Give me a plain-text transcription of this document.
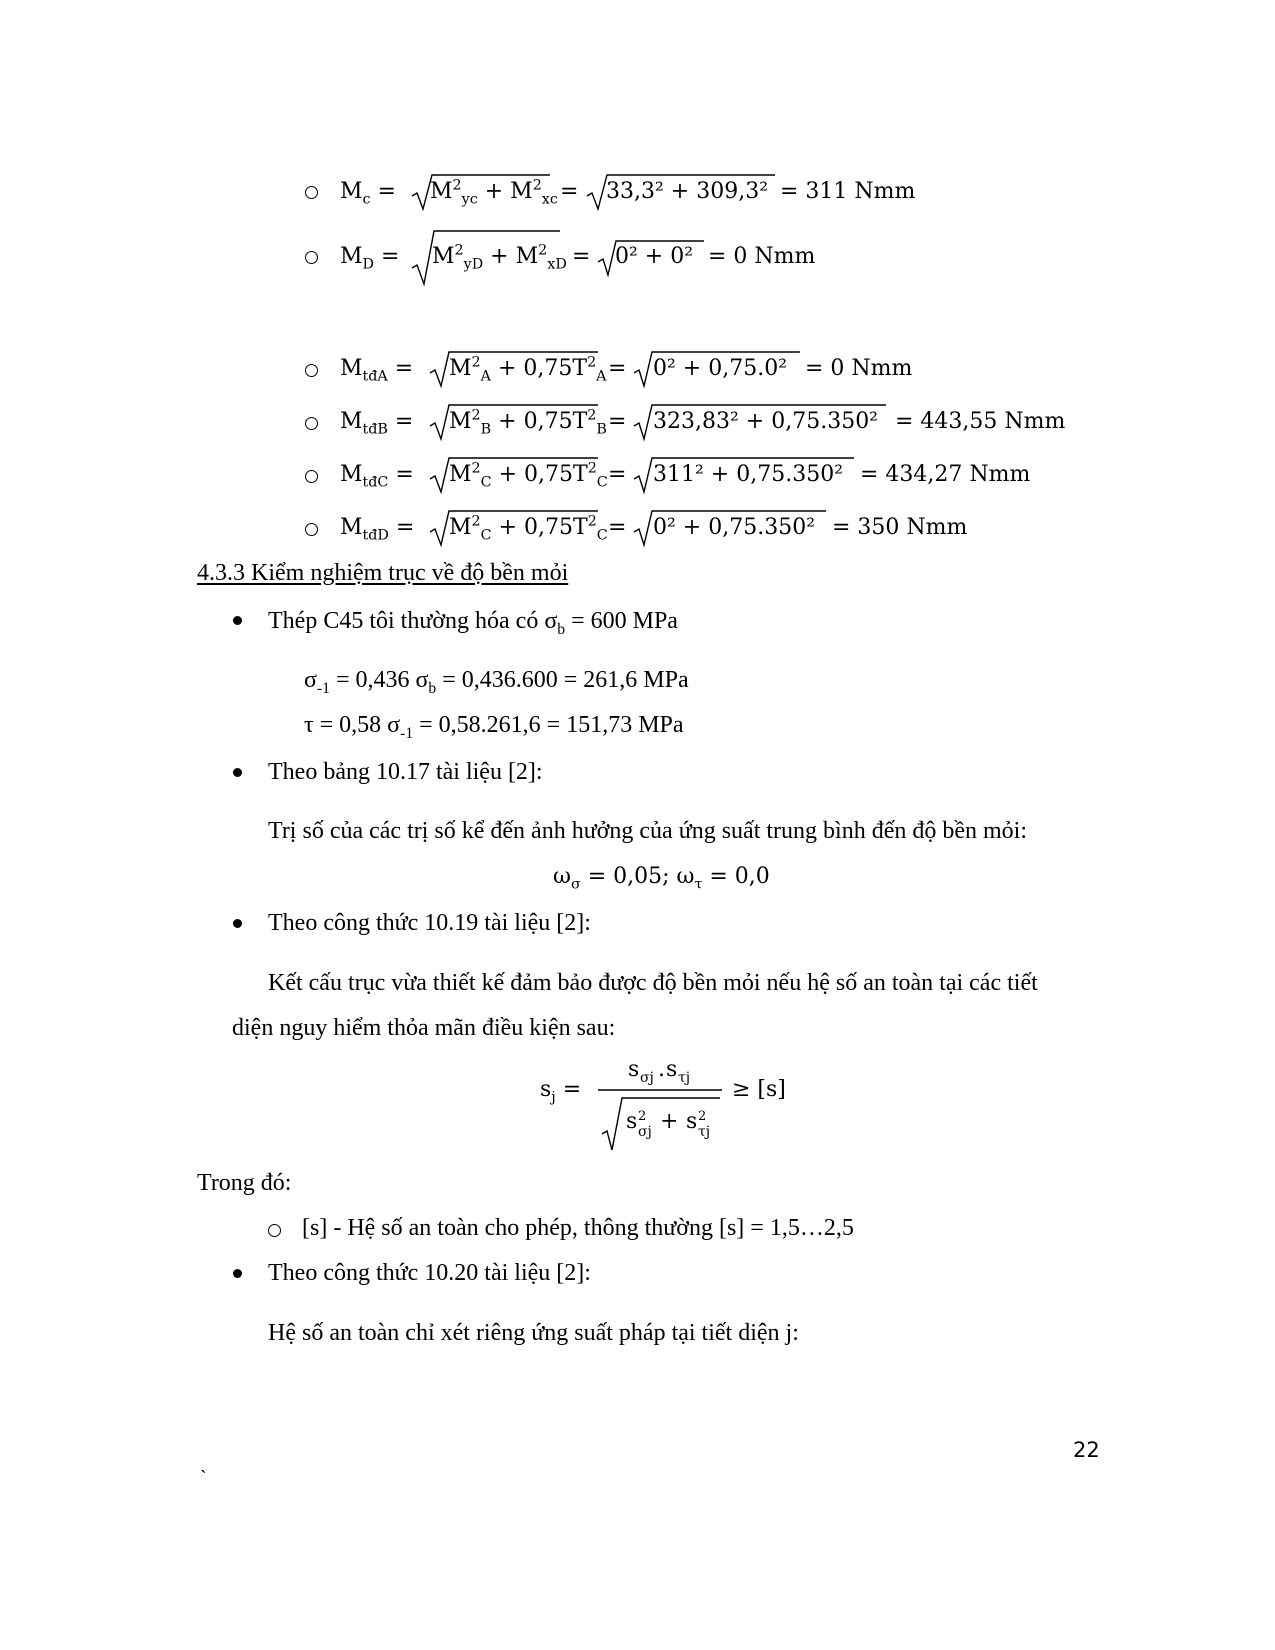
$M_c = M^2_{yc} + M^2_{xc} = 33,3^2 + 309,3^2 = 311$ Nmm
$M_D = M^2_{yD} + M^2_{xD} = 0^2 + 0^2 = 0$ Nmm
$M_{tđA} = M^2_A + 0,75T^2_A = 0^2 + 0,75.0^2 = 0$ Nmm
$M_{tđB} = M^2_B + 0,75T^2_B = 323,83^2 + 0,75.350^2 = 443,55$ Nmm
$M_{tđC} = M^2_C + 0,75T^2_C = 311^2 + 0,75.350^2 = 434,27$ Nmm
$M_{tđD} = M^2_C + 0,75T^2_C = 0^2 + 0,75.350^2 = 350$ Nmm
4.3.3 Kiểm nghiệm trục về độ bền mỏi
Thép C45 tôi thường hóa có $\sigma_b = 600$ MPa
$\sigma_{-1} = 0,436$ $\sigma_b = 0,436.600 = 261,6$ MPa
τ = 0,58 $\sigma_{-1} = 0,58.261,6 = 151,73$ MPa
Theo bảng 10.17 tài liệu [2]:
Trị số của các trị số kể đến ảnh hưởng của ứng suất trung bình đến độ bền mỏi:
$\omega_\sigma = 0,05$; $\omega_\tau = 0,0$
Theo công thức 10.19 tài liệu [2]:
Kết cấu trục vừa thiết kế đảm bảo được độ bền mỏi nếu hệ số an toàn tại các tiết
diện nguy hiểm thỏa mãn điều kiện sau:
$s_j$ =
s σj . s τj
s 2
σj + s 2
τj
≥ [s]
Trong đó:
[s] - Hệ số an toàn cho phép, thông thường [s] = 1,5…2,5
Theo công thức 10.20 tài liệu [2]:
Hệ số an toàn chỉ xét riêng ứng suất pháp tại tiết diện j:
22
`
